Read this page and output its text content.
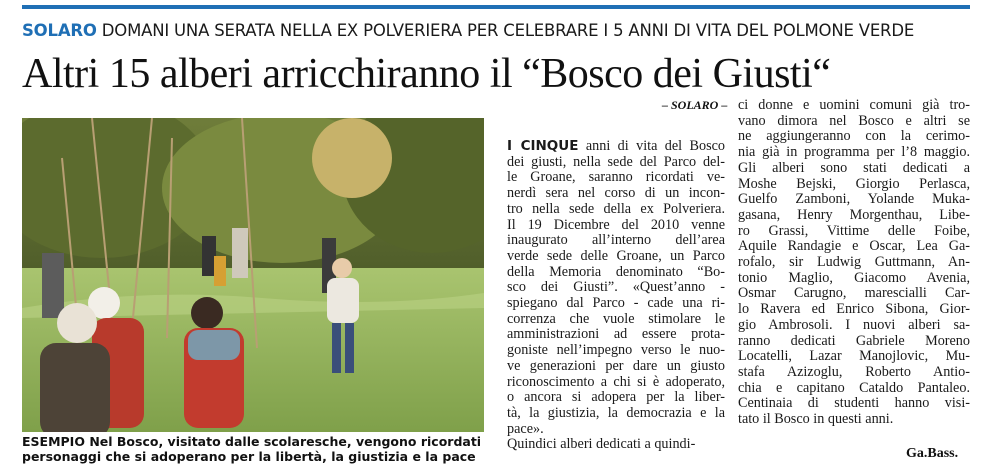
SOLARO DOMANI UNA SERATA NELLA EX POLVERIERA PER CELEBRARE I 5 ANNI DI VITA DEL POLMONE VERDE
Altri 15 alberi arricchiranno il “Bosco dei Giusti“
ESEMPIO Nel Bosco, visitato dalle scolaresche, vengono ricordati personaggi che si adoperano per la libertà, la giustizia e la pace
– SOLARO –
I CINQUE anni di vita del Bosco
dei giusti, nella sede del Parco del-
le Groane, saranno ricordati ve-
nerdì sera nel corso di un incon-
tro nella sede della ex Polveriera.
Il 19 Dicembre del 2010 venne
inaugurato all’interno dell’area
verde sede delle Groane, un Parco
della Memoria denominato “Bo-
sco dei Giusti”. «Quest’anno -
spiegano dal Parco - cade una ri-
correnza che vuole stimolare le
amministrazioni ad essere prota-
goniste nell’impegno verso le nuo-
ve generazioni per dare un giusto
riconoscimento a chi si è adoperato,
o ancora si adopera per la liber-
tà, la giustizia, la democrazia e la
pace».
Quindici alberi dedicati a quindi-
ci donne e uomini comuni già tro-
vano dimora nel Bosco e altri se
ne aggiungeranno con la cerimo-
nia già in programma per l’8 maggio.
Gli alberi sono stati dedicati a
Moshe Bejski, Giorgio Perlasca,
Guelfo Zamboni, Yolande Muka-
gasana, Henry Morgenthau, Libe-
ro Grassi, Vittime delle Foibe,
Aquile Randagie e Oscar, Lea Ga-
rofalo, sir Ludwig Guttmann, An-
tonio Maglio, Giacomo Avenia,
Osmar Carugno, marescialli Car-
lo Ravera ed Enrico Sibona, Gior-
gio Ambrosoli. I nuovi alberi sa-
ranno dedicati Gabriele Moreno
Locatelli, Lazar Manojlovic, Mu-
stafa Azizoglu, Roberto Antio-
chia e capitano Cataldo Pantaleo.
Centinaia di studenti hanno visi-
tato il Bosco in questi anni.
Ga.Bass.
